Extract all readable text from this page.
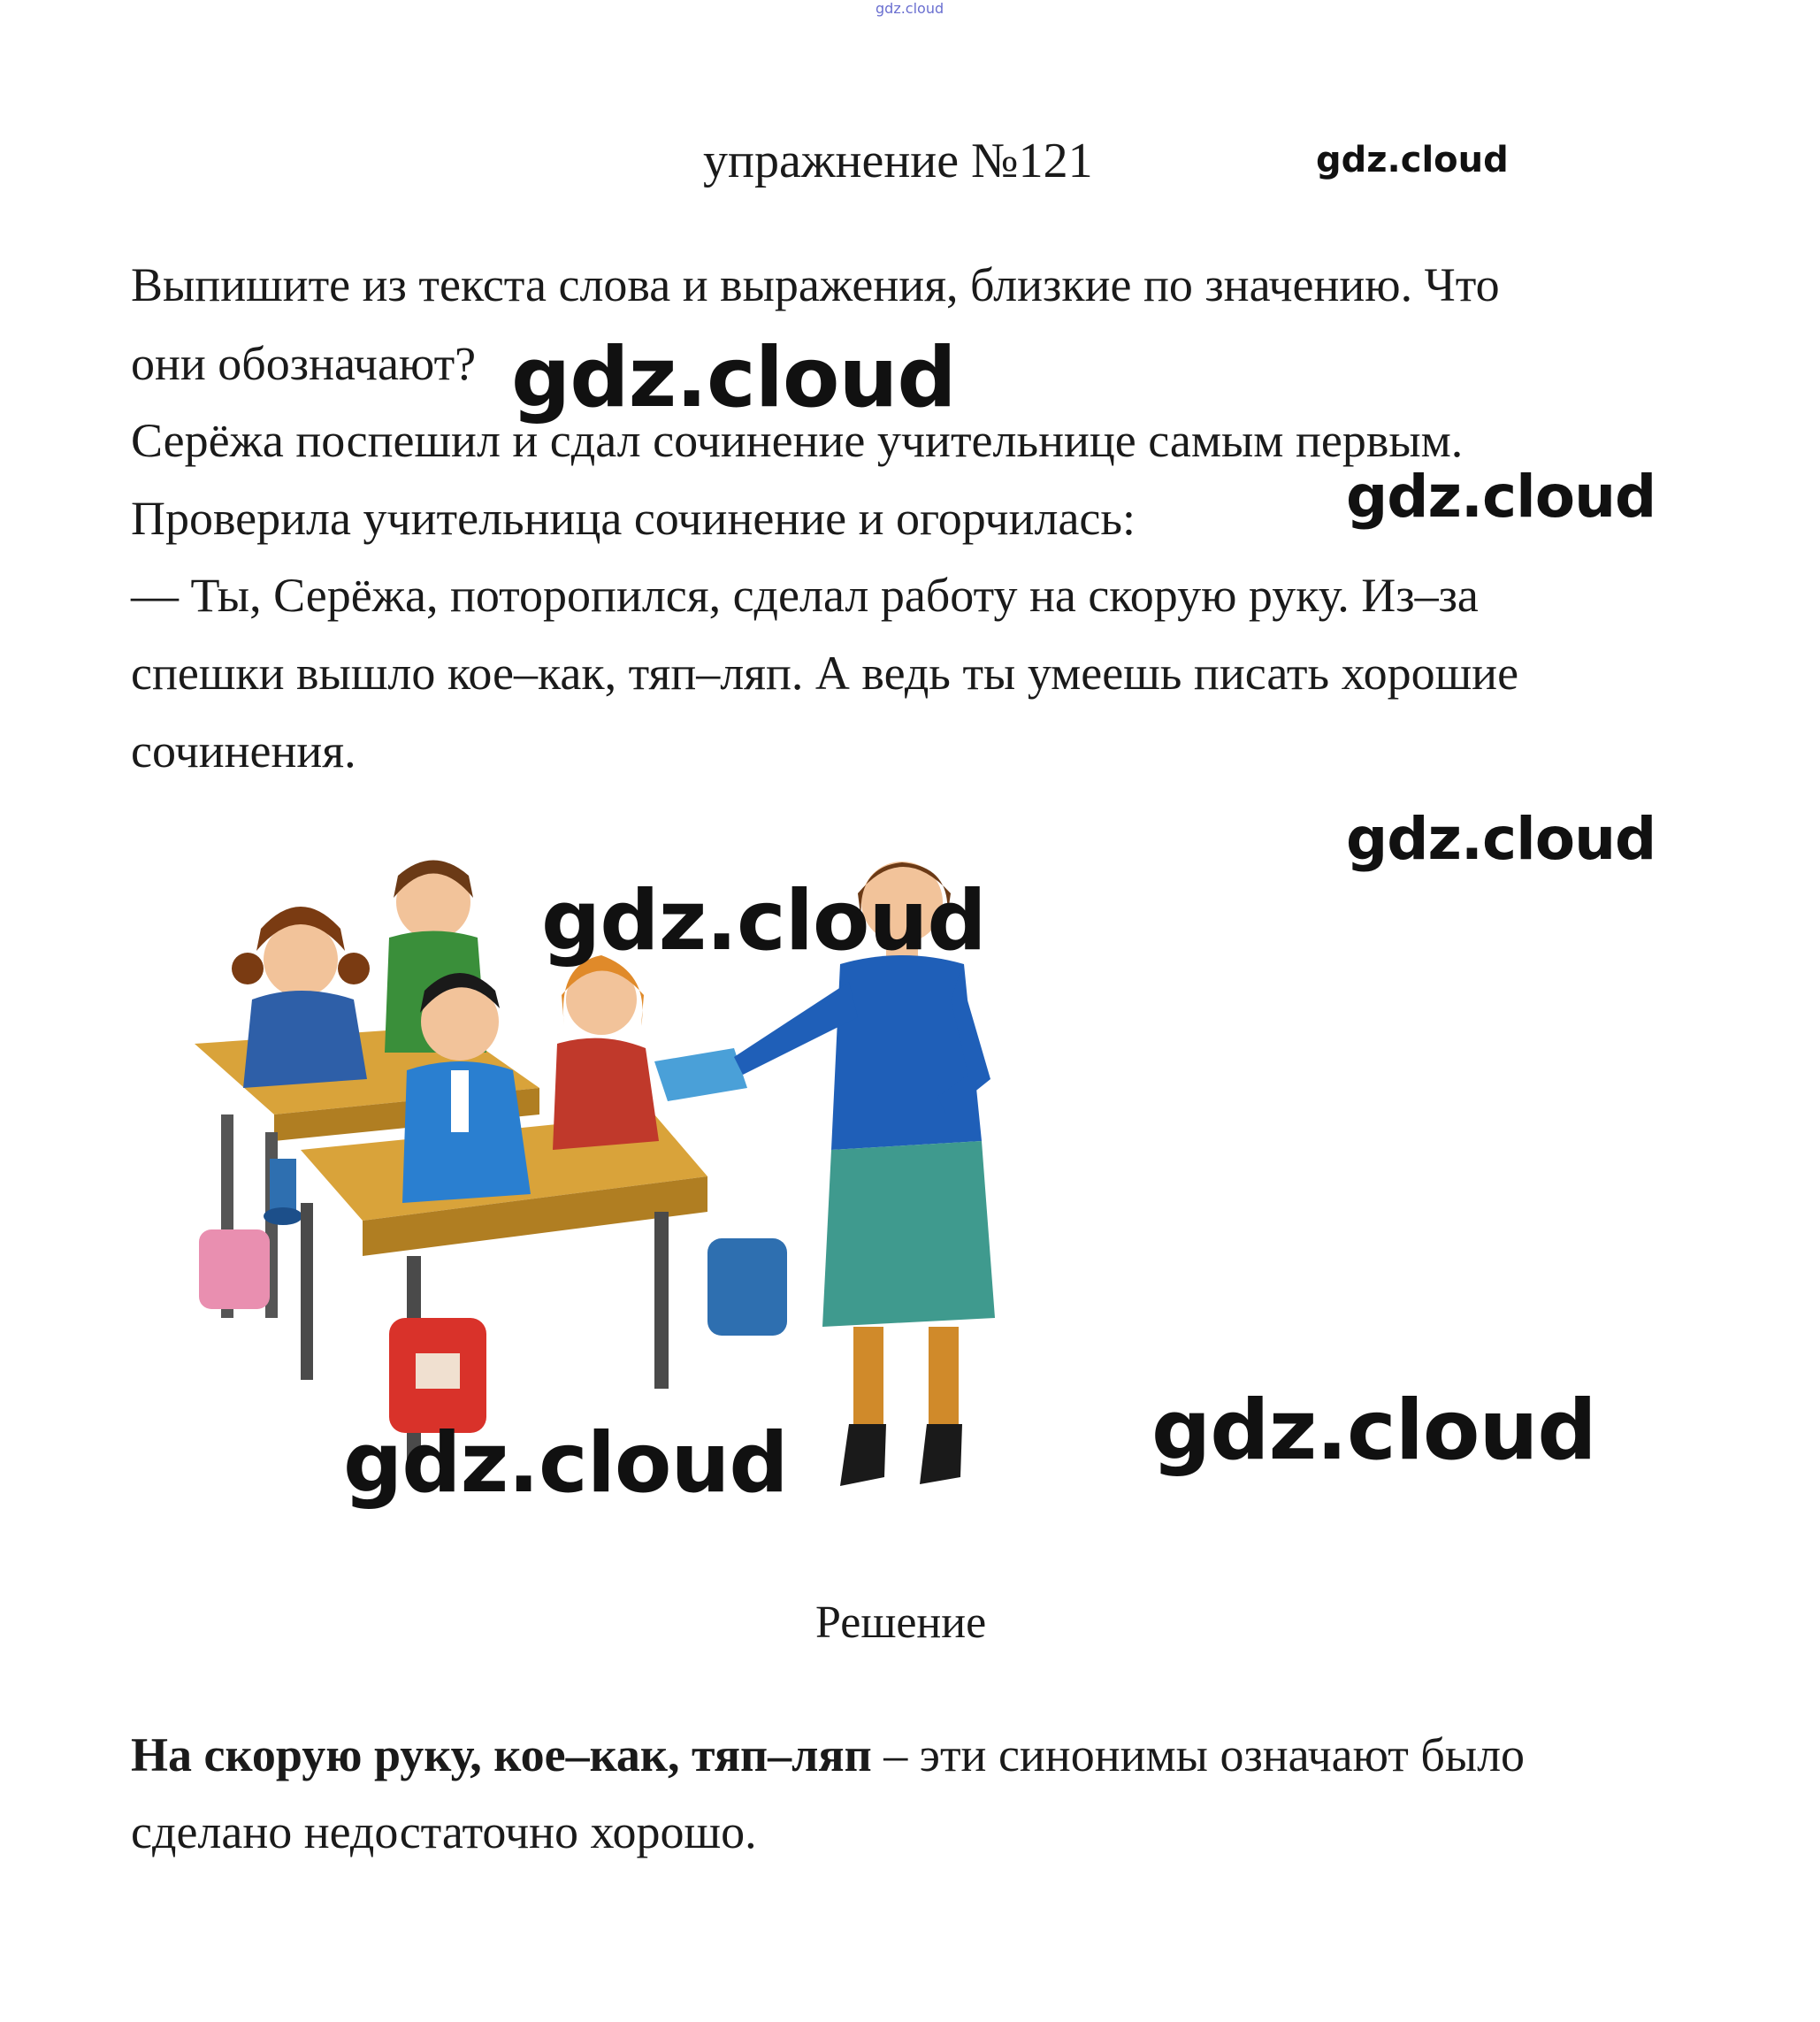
gdz.cloud
упражнение №121	gdz.cloud
Выпишите из текста слова и выражения, близкие по значению. Что
они обозначают?
Серёжа поспешил и сдал сочинение учительнице самым первым.
Проверила учительница сочинение и огорчилась:
— Ты, Серёжа, поторопился, сделал работу на скорую руку. Из–за
спешки вышло кое–как, тяп–ляп. А ведь ты умеешь писать хорошие
сочинения.
gdz.cloud
gdz.cloud
gdz.cloud
gdz.cloud
gdz.cloud	gdz.cloud
Решение
На скорую руку, кое–как, тяп–ляп – эти синонимы означают было
сделано недостаточно хорошо.
